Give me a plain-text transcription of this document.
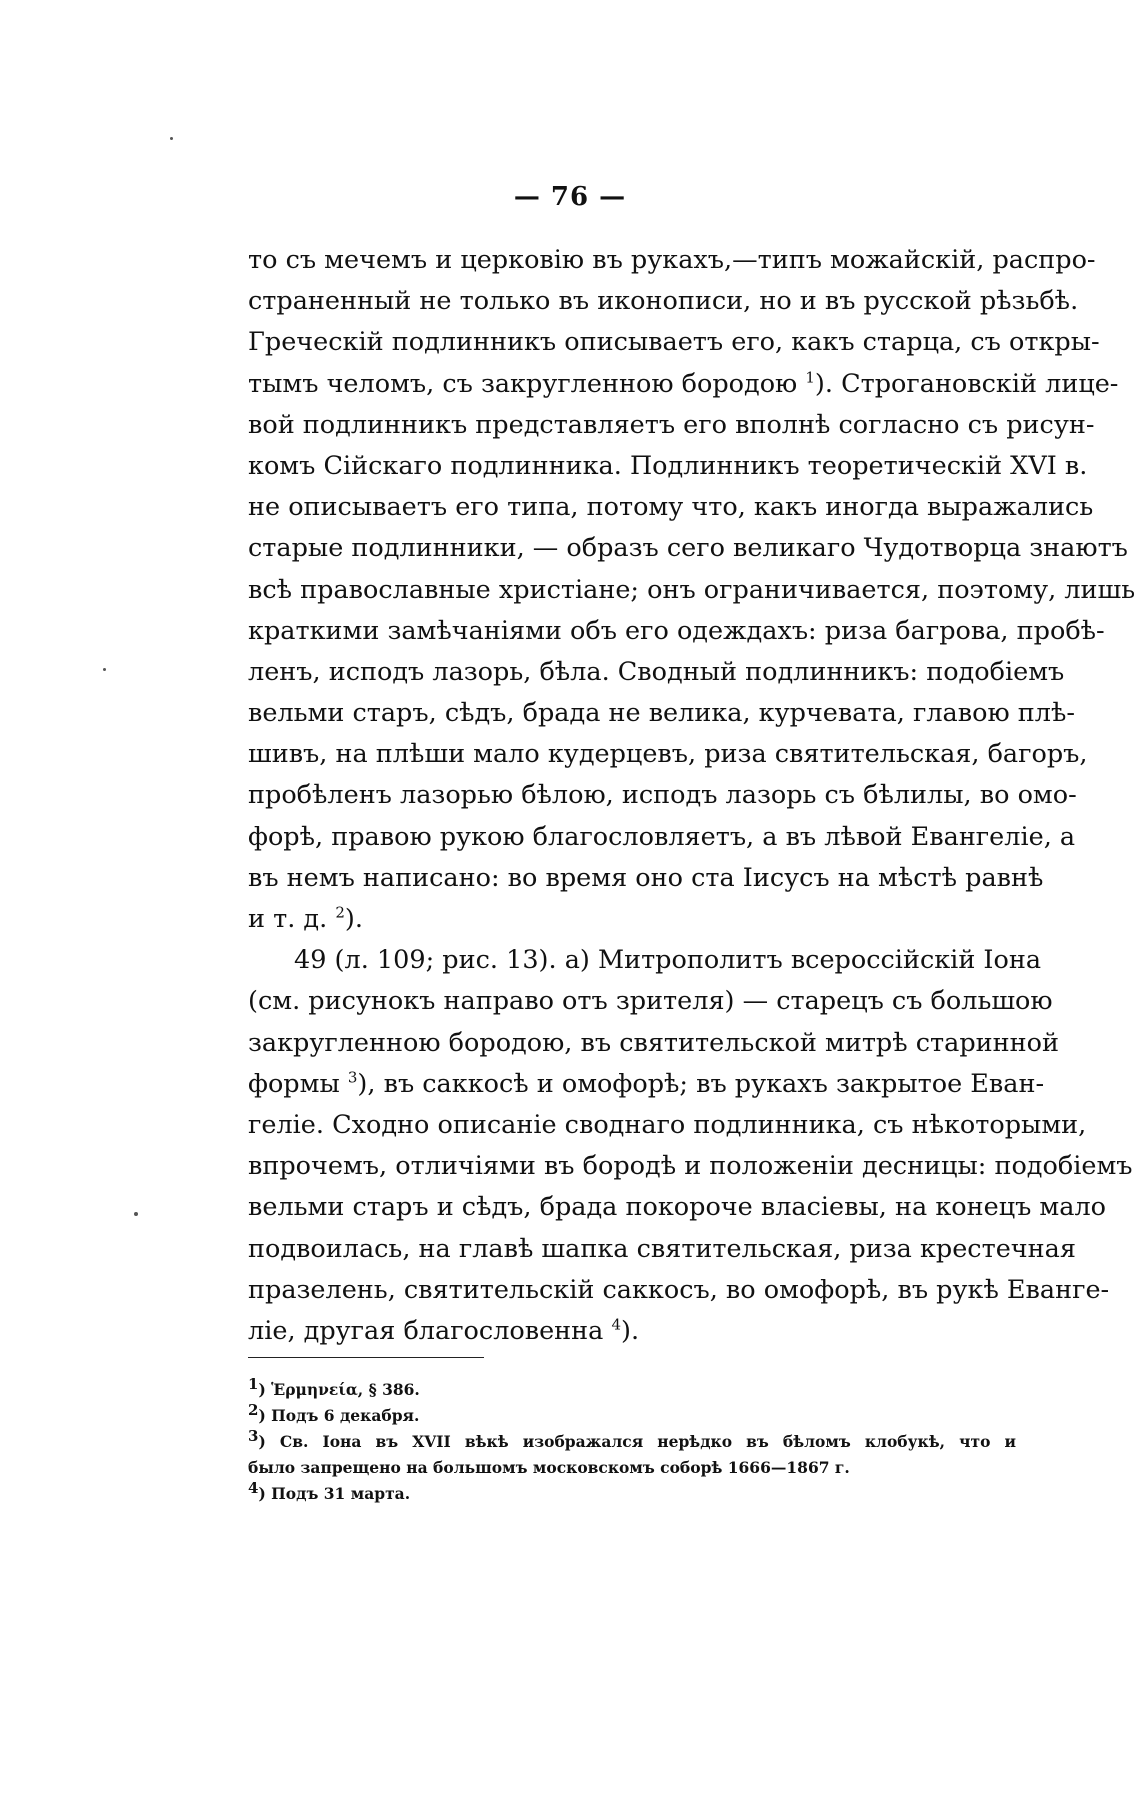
— 76 —
то съ мечемъ и церковію въ рукахъ,—типъ можайскій, распро-
страненный не только въ иконописи, но и въ русской рѣзьбѣ.
Греческій подлинникъ описываетъ его, какъ старца, съ откры-
тымъ челомъ, съ закругленною бородою $^1$). Строгановскій лице-
вой подлинникъ представляетъ его вполнѣ согласно съ рисун-
комъ Сійскаго подлинника. Подлинникъ теоретическій XVI в.
не описываетъ его типа, потому что, какъ иногда выражались
старые подлинники, — образъ сего великаго Чудотворца знаютъ
всѣ православные христіане; онъ ограничивается, поэтому, лишь
краткими замѣчаніями объ его одеждахъ: риза багрова, пробѣ-
ленъ, исподъ лазорь, бѣла. Сводный подлинникъ: подобіемъ
вельми старъ, сѣдъ, брада не велика, курчевата, главою плѣ-
шивъ, на плѣши мало кудерцевъ, риза святительская, багоръ,
пробѣленъ лазорью бѣлою, исподъ лазорь съ бѣлилы, во омо-
форѣ, правою рукою благословляетъ, а въ лѣвой Евангеліе, а
въ немъ написано: во время оно ста Іисусъ на мѣстѣ равнѣ
и т. д. $^2$).
49 (л. 109; рис. 13). а) Митрополитъ всероссійскій Іона
(см. рисунокъ направо отъ зрителя) — старецъ съ большою
закругленною бородою, въ святительской митрѣ старинной
формы $^3$), въ саккосѣ и омофорѣ; въ рукахъ закрытое Еван-
геліе. Сходно описаніе своднаго подлинника, съ нѣкоторыми,
впрочемъ, отличіями въ бородѣ и положеніи десницы: подобіемъ
вельми старъ и сѣдъ, брада покороче власіевы, на конецъ мало
подвоилась, на главѣ шапка святительская, риза крестечная
празелень, святительскій саккосъ, во омофорѣ, въ рукѣ Еванге-
ліе, другая благословенна $^4$).
$^1$) Ἑρμηνεία, § 386.
$^2$) Подъ 6 декабря.
$^3$) Св. Іона въ XVII вѣкѣ изображался нерѣдко въ бѣломъ клобукѣ, что и
было запрещено на большомъ московскомъ соборѣ 1666—1867 г.
$^4$) Подъ 31 марта.
